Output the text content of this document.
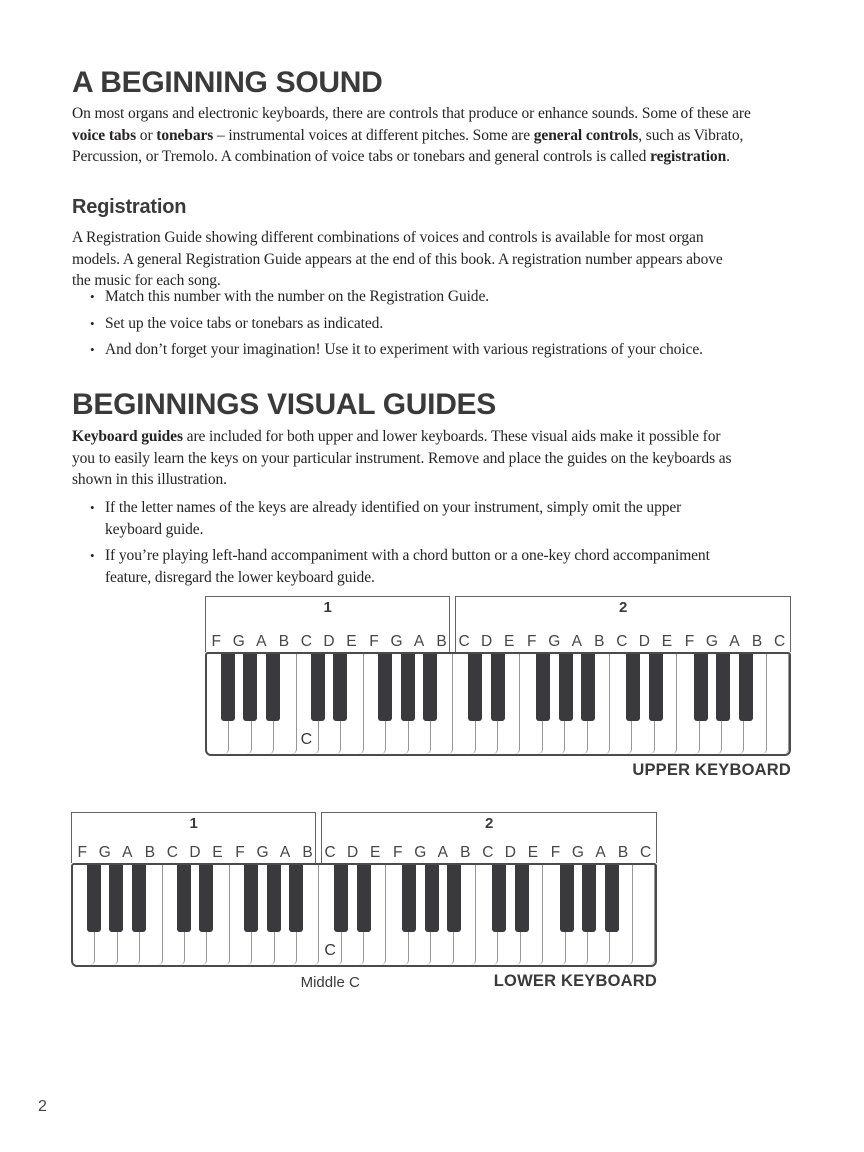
A BEGINNING SOUND
On most organs and electronic keyboards, there are controls that produce or enhance sounds. Some of these are
voice tabs or tonebars – instrumental voices at different pitches. Some are general controls, such as Vibrato,
Percussion, or Tremolo. A combination of voice tabs or tonebars and general controls is called registration.
Registration
A Registration Guide showing different combinations of voices and controls is available for most organ
models. A general Registration Guide appears at the end of this book. A registration number appears above
the music for each song.
• Match this number with the number on the Registration Guide.
• Set up the voice tabs or tonebars as indicated.
• And don’t forget your imagination! Use it to experiment with various registrations of your choice.
BEGINNINGS VISUAL GUIDES
Keyboard guides are included for both upper and lower keyboards. These visual aids make it possible for
you to easily learn the keys on your particular instrument. Remove and place the guides on the keyboards as
shown in this illustration.
• If the letter names of the keys are already identified on your instrument, simply omit the upper
keyboard guide.
• If you’re playing left-hand accompaniment with a chord button or a one-key chord accompaniment
feature, disregard the lower keyboard guide.
1	2
F G A B C D E F G A B C D E F G A B C D E F G A B C
C
UPPER KEYBOARD
1	2
F G A B C D E F G A B C D E F G A B C D E F G A B C
C
Middle C	LOWER KEYBOARD
2
